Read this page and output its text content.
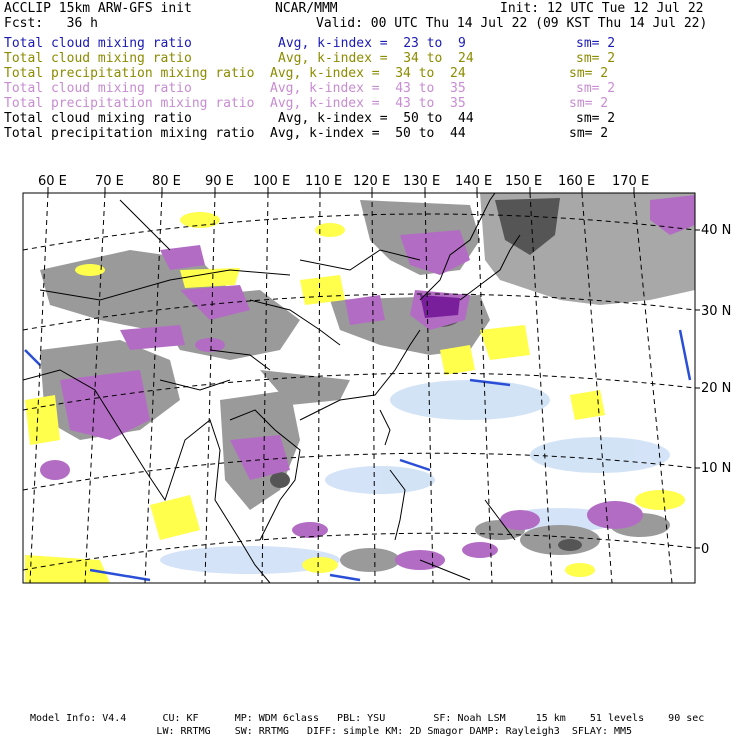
ACCLIP 15km ARW-GFS init	NCAR/MMM	Init: 12 UTC Tue 12 Jul 22
Fcst:   36 h	Valid: 00 UTC Thu 14 Jul 22 (09 KST Thu 14 Jul 22)
Total cloud mixing ratio	Avg, k-index =  23 to  9	sm= 2
Total cloud mixing ratio	Avg, k-index =  34 to  24	sm= 2
Total precipitation mixing ratio Avg, k-index =  34 to  24	sm= 2
Total cloud mixing ratio	Avg, k-index =  43 to  35	sm= 2
Total precipitation mixing ratio Avg, k-index =  43 to  35	sm= 2
Total cloud mixing ratio	Avg, k-index =  50 to  44	sm= 2
Total precipitation mixing ratio Avg, k-index =  50 to  44	sm= 2
60 E 70 E 80 E 90 E 100 E 110 E 120 E 130 E 140 E 150 E 160 E 170 E
40 N
30 N
20 N
10 N
0
Model Info: V4.4      CU: KF      MP: WDM 6class   PBL: YSU        SF: Noah LSM     15 km    51 levels    90 sec
LW: RRTMG    SW: RRTMG   DIFF: simple KM: 2D Smagor DAMP: Rayleigh3  SFLAY: MM5
